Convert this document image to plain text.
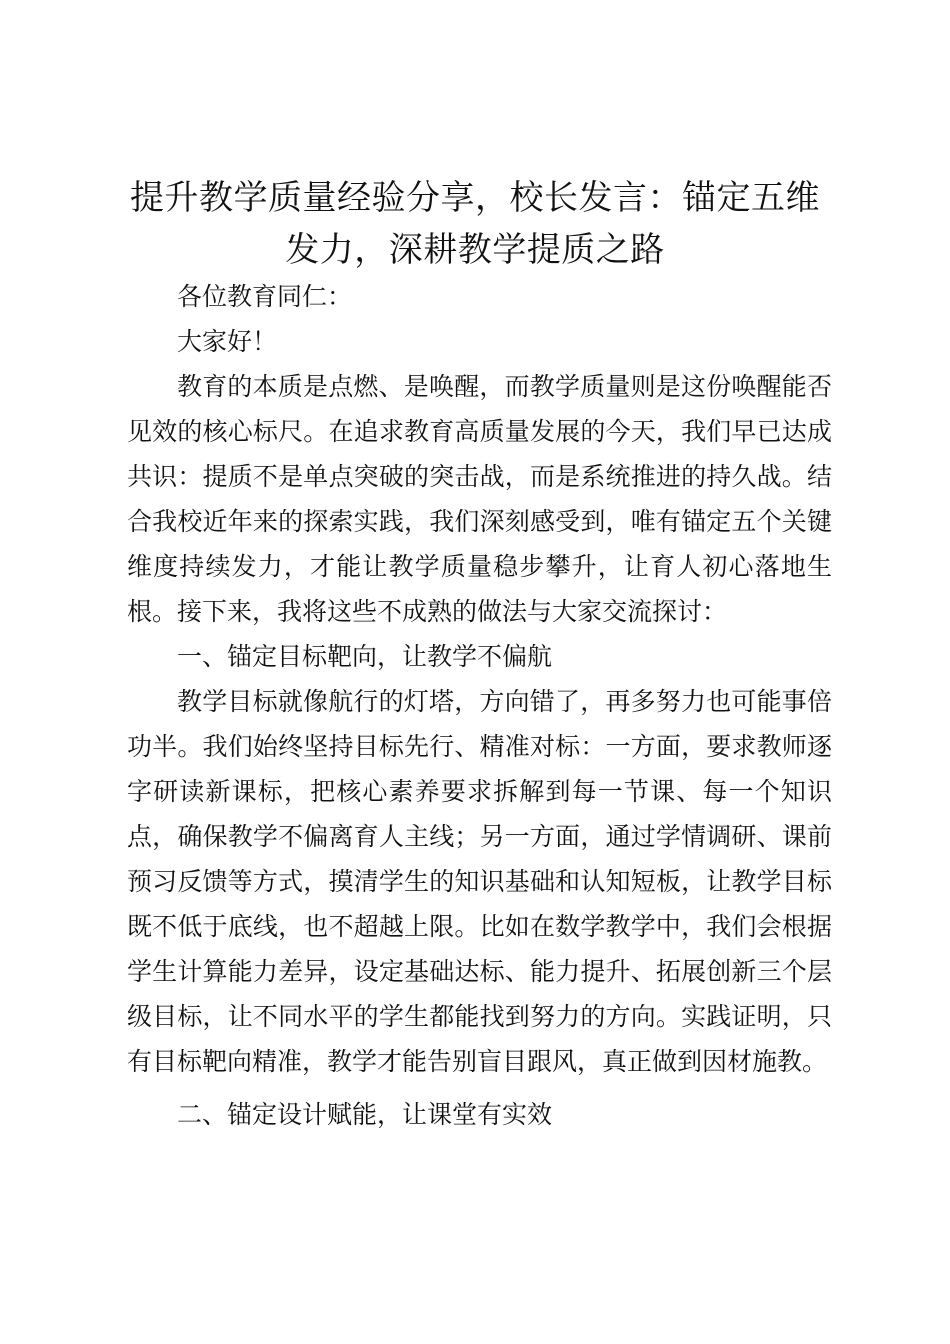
提升教学质量经验分享，校长发言：锚定五维发力，深耕教学提质之路

各位教育同仁：

大家好！

教育的本质是点燃、是唤醒，而教学质量则是这份唤醒能否见效的核心标尺。在追求教育高质量发展的今天，我们早已达成共识：提质不是单点突破的突击战，而是系统推进的持久战。结合我校近年来的探索实践，我们深刻感受到，唯有锚定五个关键维度持续发力，才能让教学质量稳步攀升，让育人初心落地生根。接下来，我将这些不成熟的做法与大家交流探讨：

一、锚定目标靶向，让教学不偏航

教学目标就像航行的灯塔，方向错了，再多努力也可能事倍功半。我们始终坚持目标先行、精准对标：一方面，要求教师逐字研读新课标，把核心素养要求拆解到每一节课、每一个知识点，确保教学不偏离育人主线；另一方面，通过学情调研、课前预习反馈等方式，摸清学生的知识基础和认知短板，让教学目标既不低于底线，也不超越上限。比如在数学教学中，我们会根据学生计算能力差异，设定基础达标、能力提升、拓展创新三个层级目标，让不同水平的学生都能找到努力的方向。实践证明，只有目标靶向精准，教学才能告别盲目跟风，真正做到因材施教。

二、锚定设计赋能，让课堂有实效
